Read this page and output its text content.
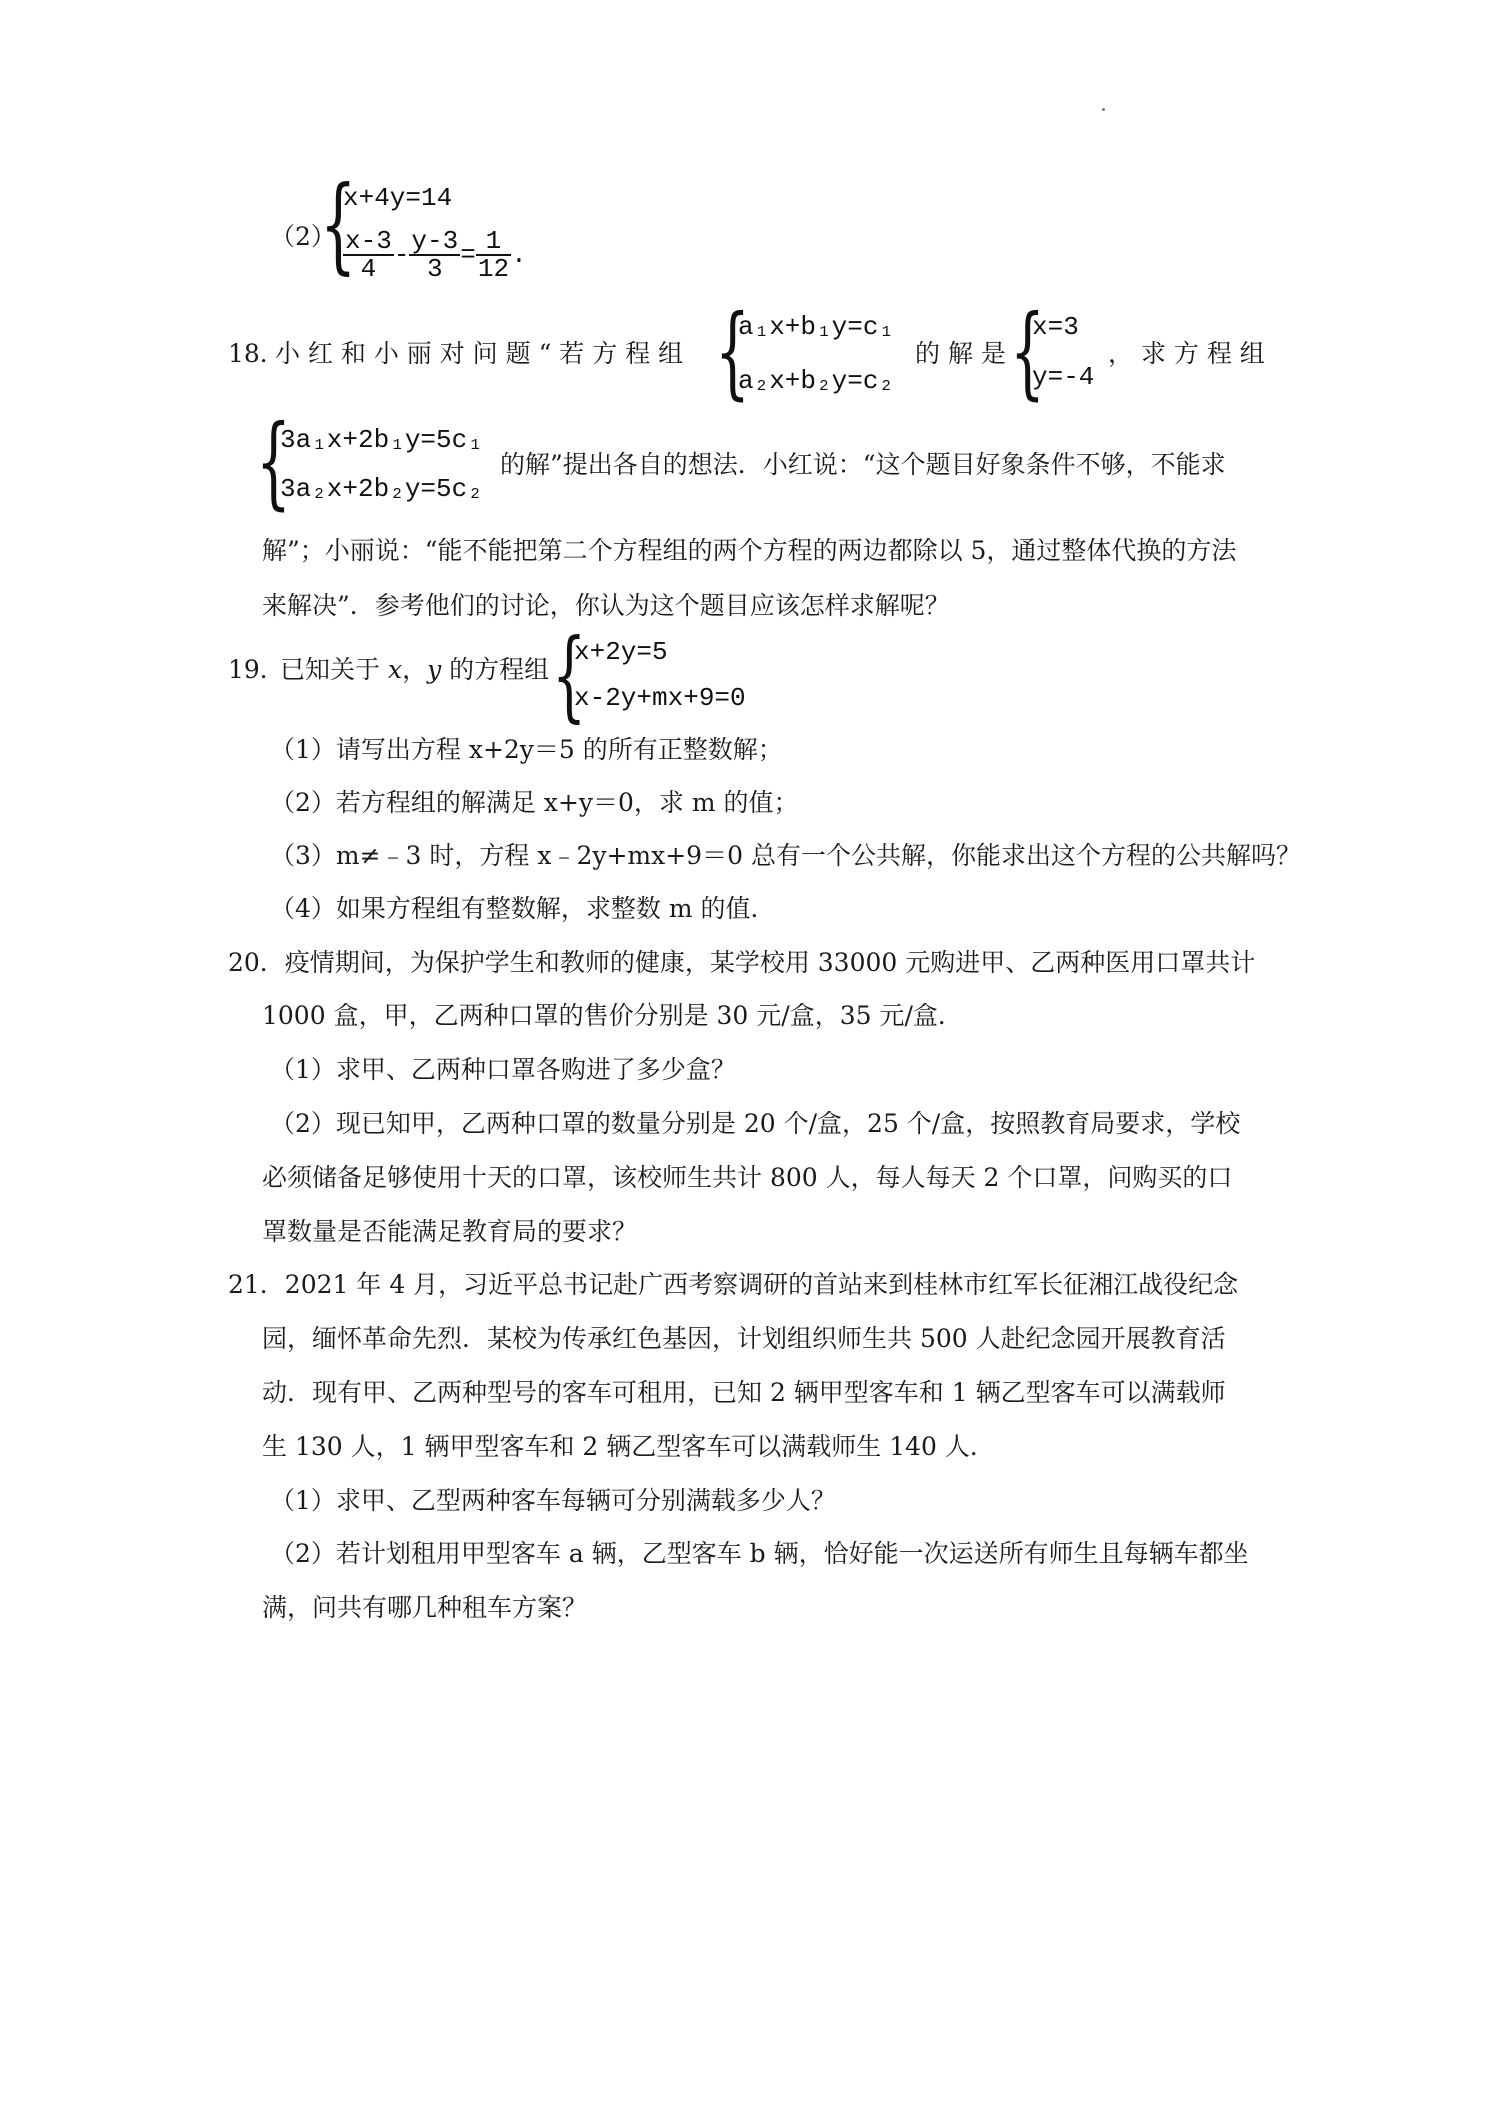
（2）
{
x+4y=14
$\frac{x-3}{4} - \frac{y-3}{3} = \frac{1}{12}$ .
18．
小 红 和 小 丽 对 问 题 “ 若 方 程 组 {
a₁x+b₁y=c₁
a₂x+b₂y=c₂
的 解 是 {
x=3
y=-4
， 求 方 程 组
{
3a₁x+2b₁y=5c₁
3a₂x+2b₂y=5c₂
的解”提出各自的想法．小红说：“这个题目好象条件不够，不能求
解”；小丽说：“能不能把第二个方程组的两个方程的两边都除以 5，通过整体代换的方法
来解决”．参考他们的讨论，你认为这个题目应该怎样求解呢？
19．
已知关于 x，y 的方程组 {
x+2y=5
x-2y+mx+9=0
（1）请写出方程 x+2y＝5 的所有正整数解；
（2）若方程组的解满足 x+y＝0，求 m 的值；
（3）m≠﹣3 时，方程 x﹣2y+mx+9＝0 总有一个公共解，你能求出这个方程的公共解吗？
（4）如果方程组有整数解，求整数 m 的值．
20．疫情期间，为保护学生和教师的健康，某学校用 33000 元购进甲、乙两种医用口罩共计
1000 盒，甲，乙两种口罩的售价分别是 30 元/盒，35 元/盒．
（1）求甲、乙两种口罩各购进了多少盒？
（2）现已知甲，乙两种口罩的数量分别是 20 个/盒，25 个/盒，按照教育局要求，学校
必须储备足够使用十天的口罩，该校师生共计 800 人，每人每天 2 个口罩，问购买的口
罩数量是否能满足教育局的要求？
21．2021 年 4 月，习近平总书记赴广西考察调研的首站来到桂林市红军长征湘江战役纪念
园，缅怀革命先烈．某校为传承红色基因，计划组织师生共 500 人赴纪念园开展教育活
动．现有甲、乙两种型号的客车可租用，已知 2 辆甲型客车和 1 辆乙型客车可以满载师
生 130 人，1 辆甲型客车和 2 辆乙型客车可以满载师生 140 人．
（1）求甲、乙型两种客车每辆可分别满载多少人？
（2）若计划租用甲型客车 a 辆，乙型客车 b 辆，恰好能一次运送所有师生且每辆车都坐
满，问共有哪几种租车方案？
